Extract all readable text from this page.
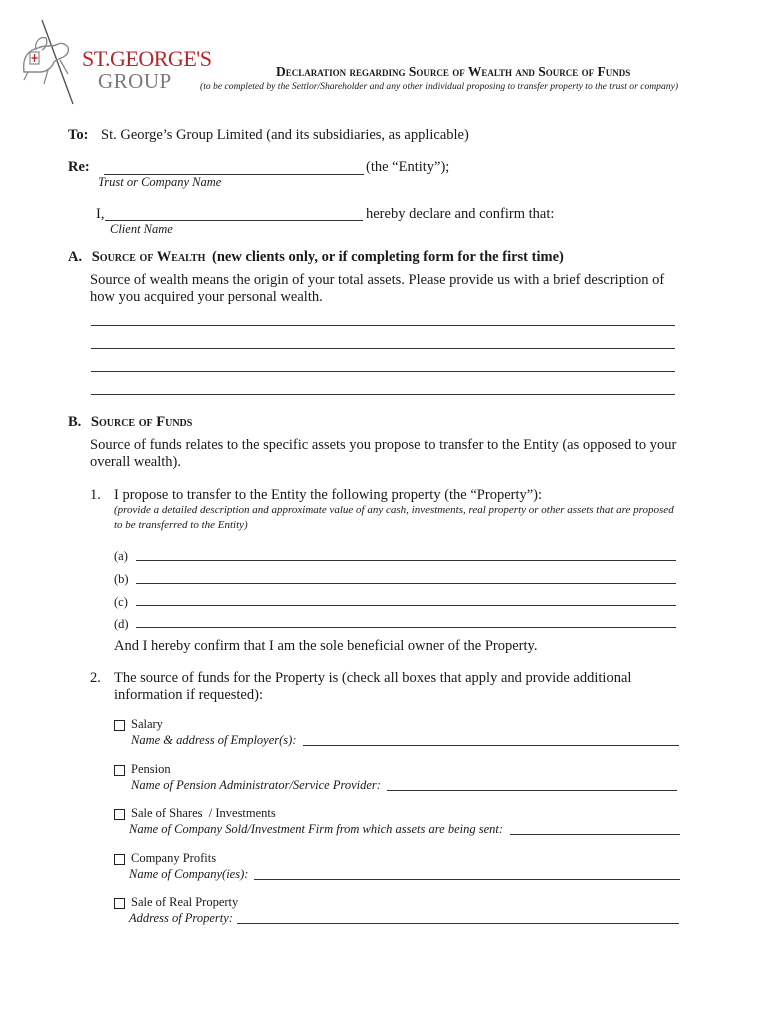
ST.GEORGE'S
GROUP	Declaration regarding Source of Wealth and Source of Funds
(to be completed by the Settlor/Shareholder and any other individual proposing to transfer property to the trust or company)
To: St. George’s Group Limited (and its subsidiaries, as applicable)
Re:	(the “Entity”);
Trust or Company Name
I,	hereby declare and confirm that:
Client Name
A. Source of Wealth (new clients only, or if completing form for the first time)
Source of wealth means the origin of your total assets. Please provide us with a brief description of how you acquired your personal wealth.
B. Source of Funds
Source of funds relates to the specific assets you propose to transfer to the Entity (as opposed to your overall wealth).
1. I propose to transfer to the Entity the following property (the “Property”):
(provide a detailed description and approximate value of any cash, investments, real property or other assets that are proposed to be transferred to the Entity)
(a)
(b)
(c)
(d)
And I hereby confirm that I am the sole beneficial owner of the Property.
2. The source of funds for the Property is (check all boxes that apply and provide additional information if requested):
Salary
Name & address of Employer(s):
Pension
Name of Pension Administrator/Service Provider:
Sale of Shares  / Investments
Name of Company Sold/Investment Firm from which assets are being sent:
Company Profits
Name of Company(ies):
Sale of Real Property
Address of Property:
